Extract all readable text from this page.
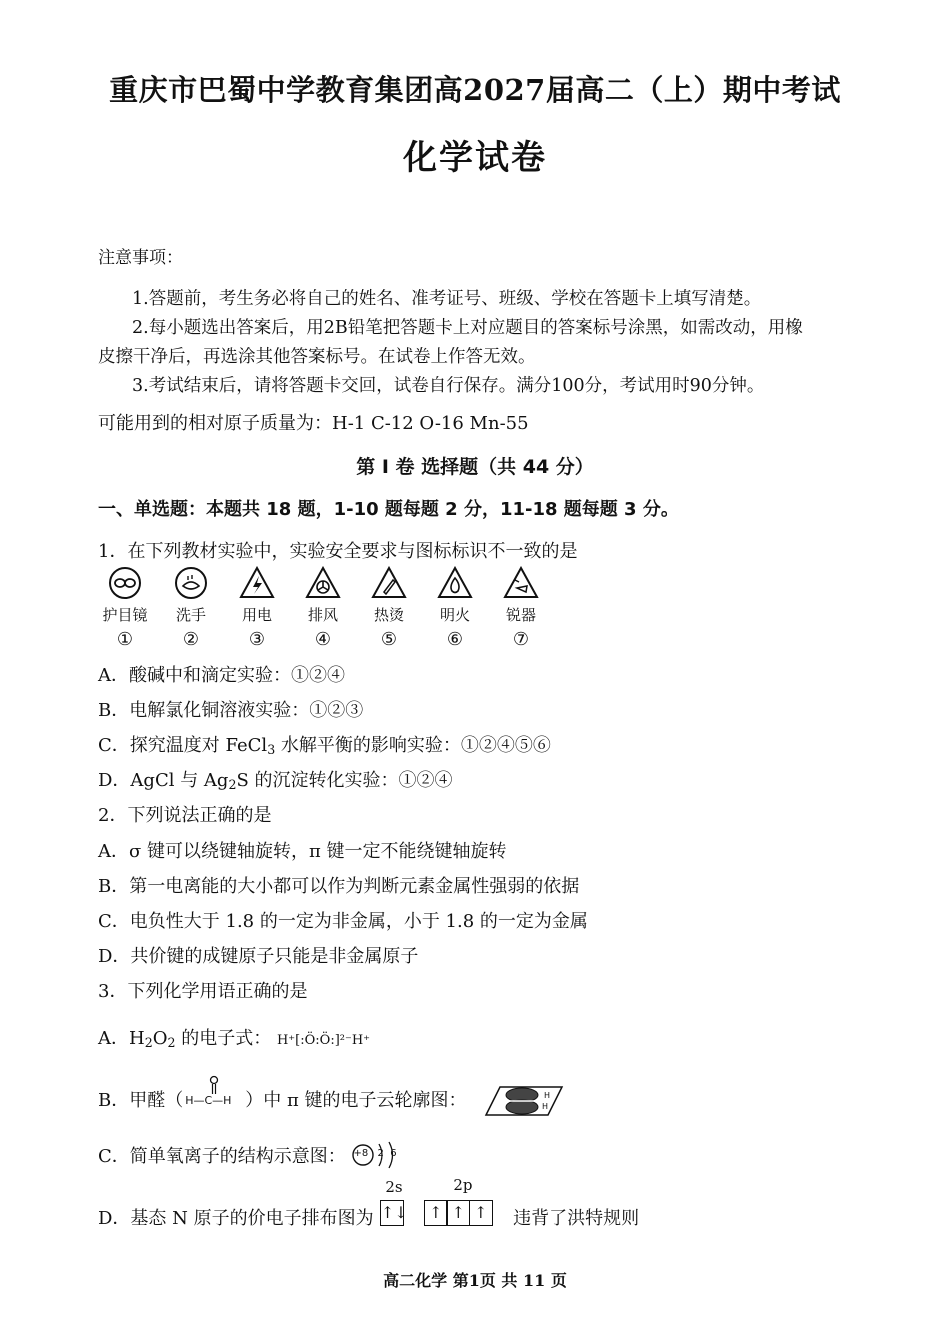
重庆市巴蜀中学教育集团高2027届高二（上）期中考试
化学试卷
注意事项：
1.答题前，考生务必将自己的姓名、准考证号、班级、学校在答题卡上填写清楚。
2.每小题选出答案后，用2B铅笔把答题卡上对应题目的答案标号涂黑，如需改动，用橡
皮擦干净后，再选涂其他答案标号。在试卷上作答无效。
3.考试结束后，请将答题卡交回，试卷自行保存。满分100分，考试用时90分钟。
可能用到的相对原子质量为：H-1 C-12 O-16 Mn-55
第 I 卷 选择题（共 44 分）
一、单选题：本题共 18 题，1-10 题每题 2 分，11-18 题每题 3 分。
1．在下列教材实验中，实验安全要求与图标标识不一致的是
护目镜
①
洗手
②
用电
③
排风
④
热烫
⑤
明火
⑥
锐器
⑦
A．酸碱中和滴定实验：①②④
B．电解氯化铜溶液实验：①②③
C．探究温度对 FeCl$_3$ 水解平衡的影响实验：①②④⑤⑥
D．AgCl 与 $Ag_2S$ 的沉淀转化实验：①②④
2．下列说法正确的是
A．σ 键可以绕键轴旋转，π 键一定不能绕键轴旋转
B．第一电离能的大小都可以作为判断元素金属性强弱的依据
C．电负性大于 1.8 的一定为非金属，小于 1.8 的一定为金属
D．共价键的成键原子只能是非金属原子
3．下列化学用语正确的是
A．$H_2O_2$ 的电子式： H⁺[:Ö:Ö:]²⁻H⁺
B．甲醛（ H—C—H ）中 π 键的电子云轮廓图：	H
H
C．简单氧离子的结构示意图： +8 2  6
D．基态 N 原子的价电子排布图为
2s	2p
↑↓ ↑ ↑ ↑ 违背了洪特规则
高二化学 第1页 共 11 页
